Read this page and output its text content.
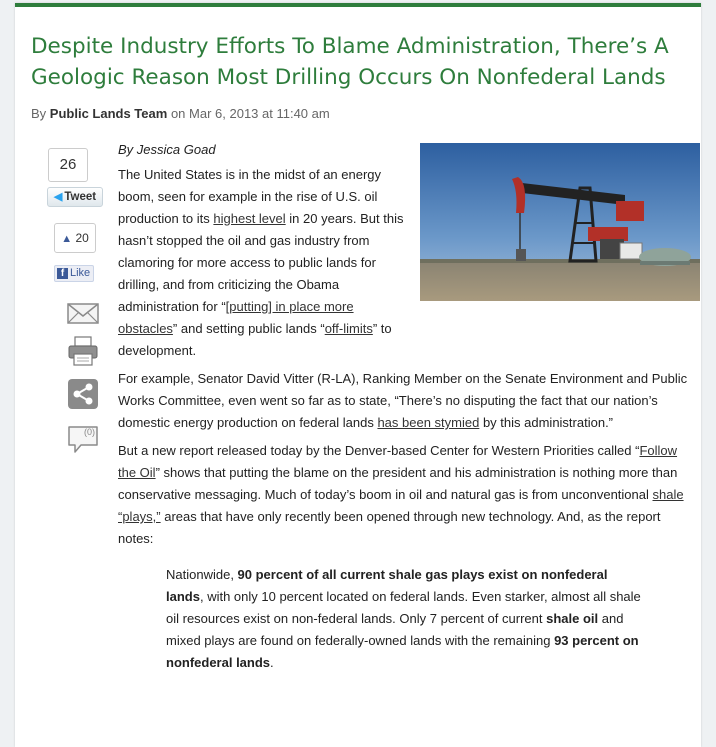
Despite Industry Efforts To Blame Administration, There’s A Geologic Reason Most Drilling Occurs On Nonfederal Lands
By Public Lands Team on Mar 6, 2013 at 11:40 am
26
◀ Tweet
▲ 20
f Like
(0)
By Jessica Goad

The United States is in the midst of an energy boom, seen for example in the rise of U.S. oil production to its highest level in 20 years. But this hasn’t stopped the oil and gas industry from clamoring for more access to public lands for drilling, and from criticizing the Obama administration for “[putting] in place more obstacles” and setting public lands “off-limits” to development.

For example, Senator David Vitter (R-LA), Ranking Member on the Senate Environment and Public Works Committee, even went so far as to state, “There’s no disputing the fact that our nation’s domestic energy production on federal lands has been stymied by this administration.”

But a new report released today by the Denver-based Center for Western Priorities called “Follow the Oil” shows that putting the blame on the president and his administration is nothing more than conservative messaging. Much of today’s boom in oil and natural gas is from unconventional shale “plays,” areas that have only recently been opened through new technology. And, as the report notes:

Nationwide, 90 percent of all current shale gas plays exist on nonfederal lands, with only 10 percent located on federal lands. Even starker, almost all shale oil resources exist on non-federal lands. Only 7 percent of current shale oil and mixed plays are found on federally-owned lands with the remaining 93 percent on nonfederal lands.
